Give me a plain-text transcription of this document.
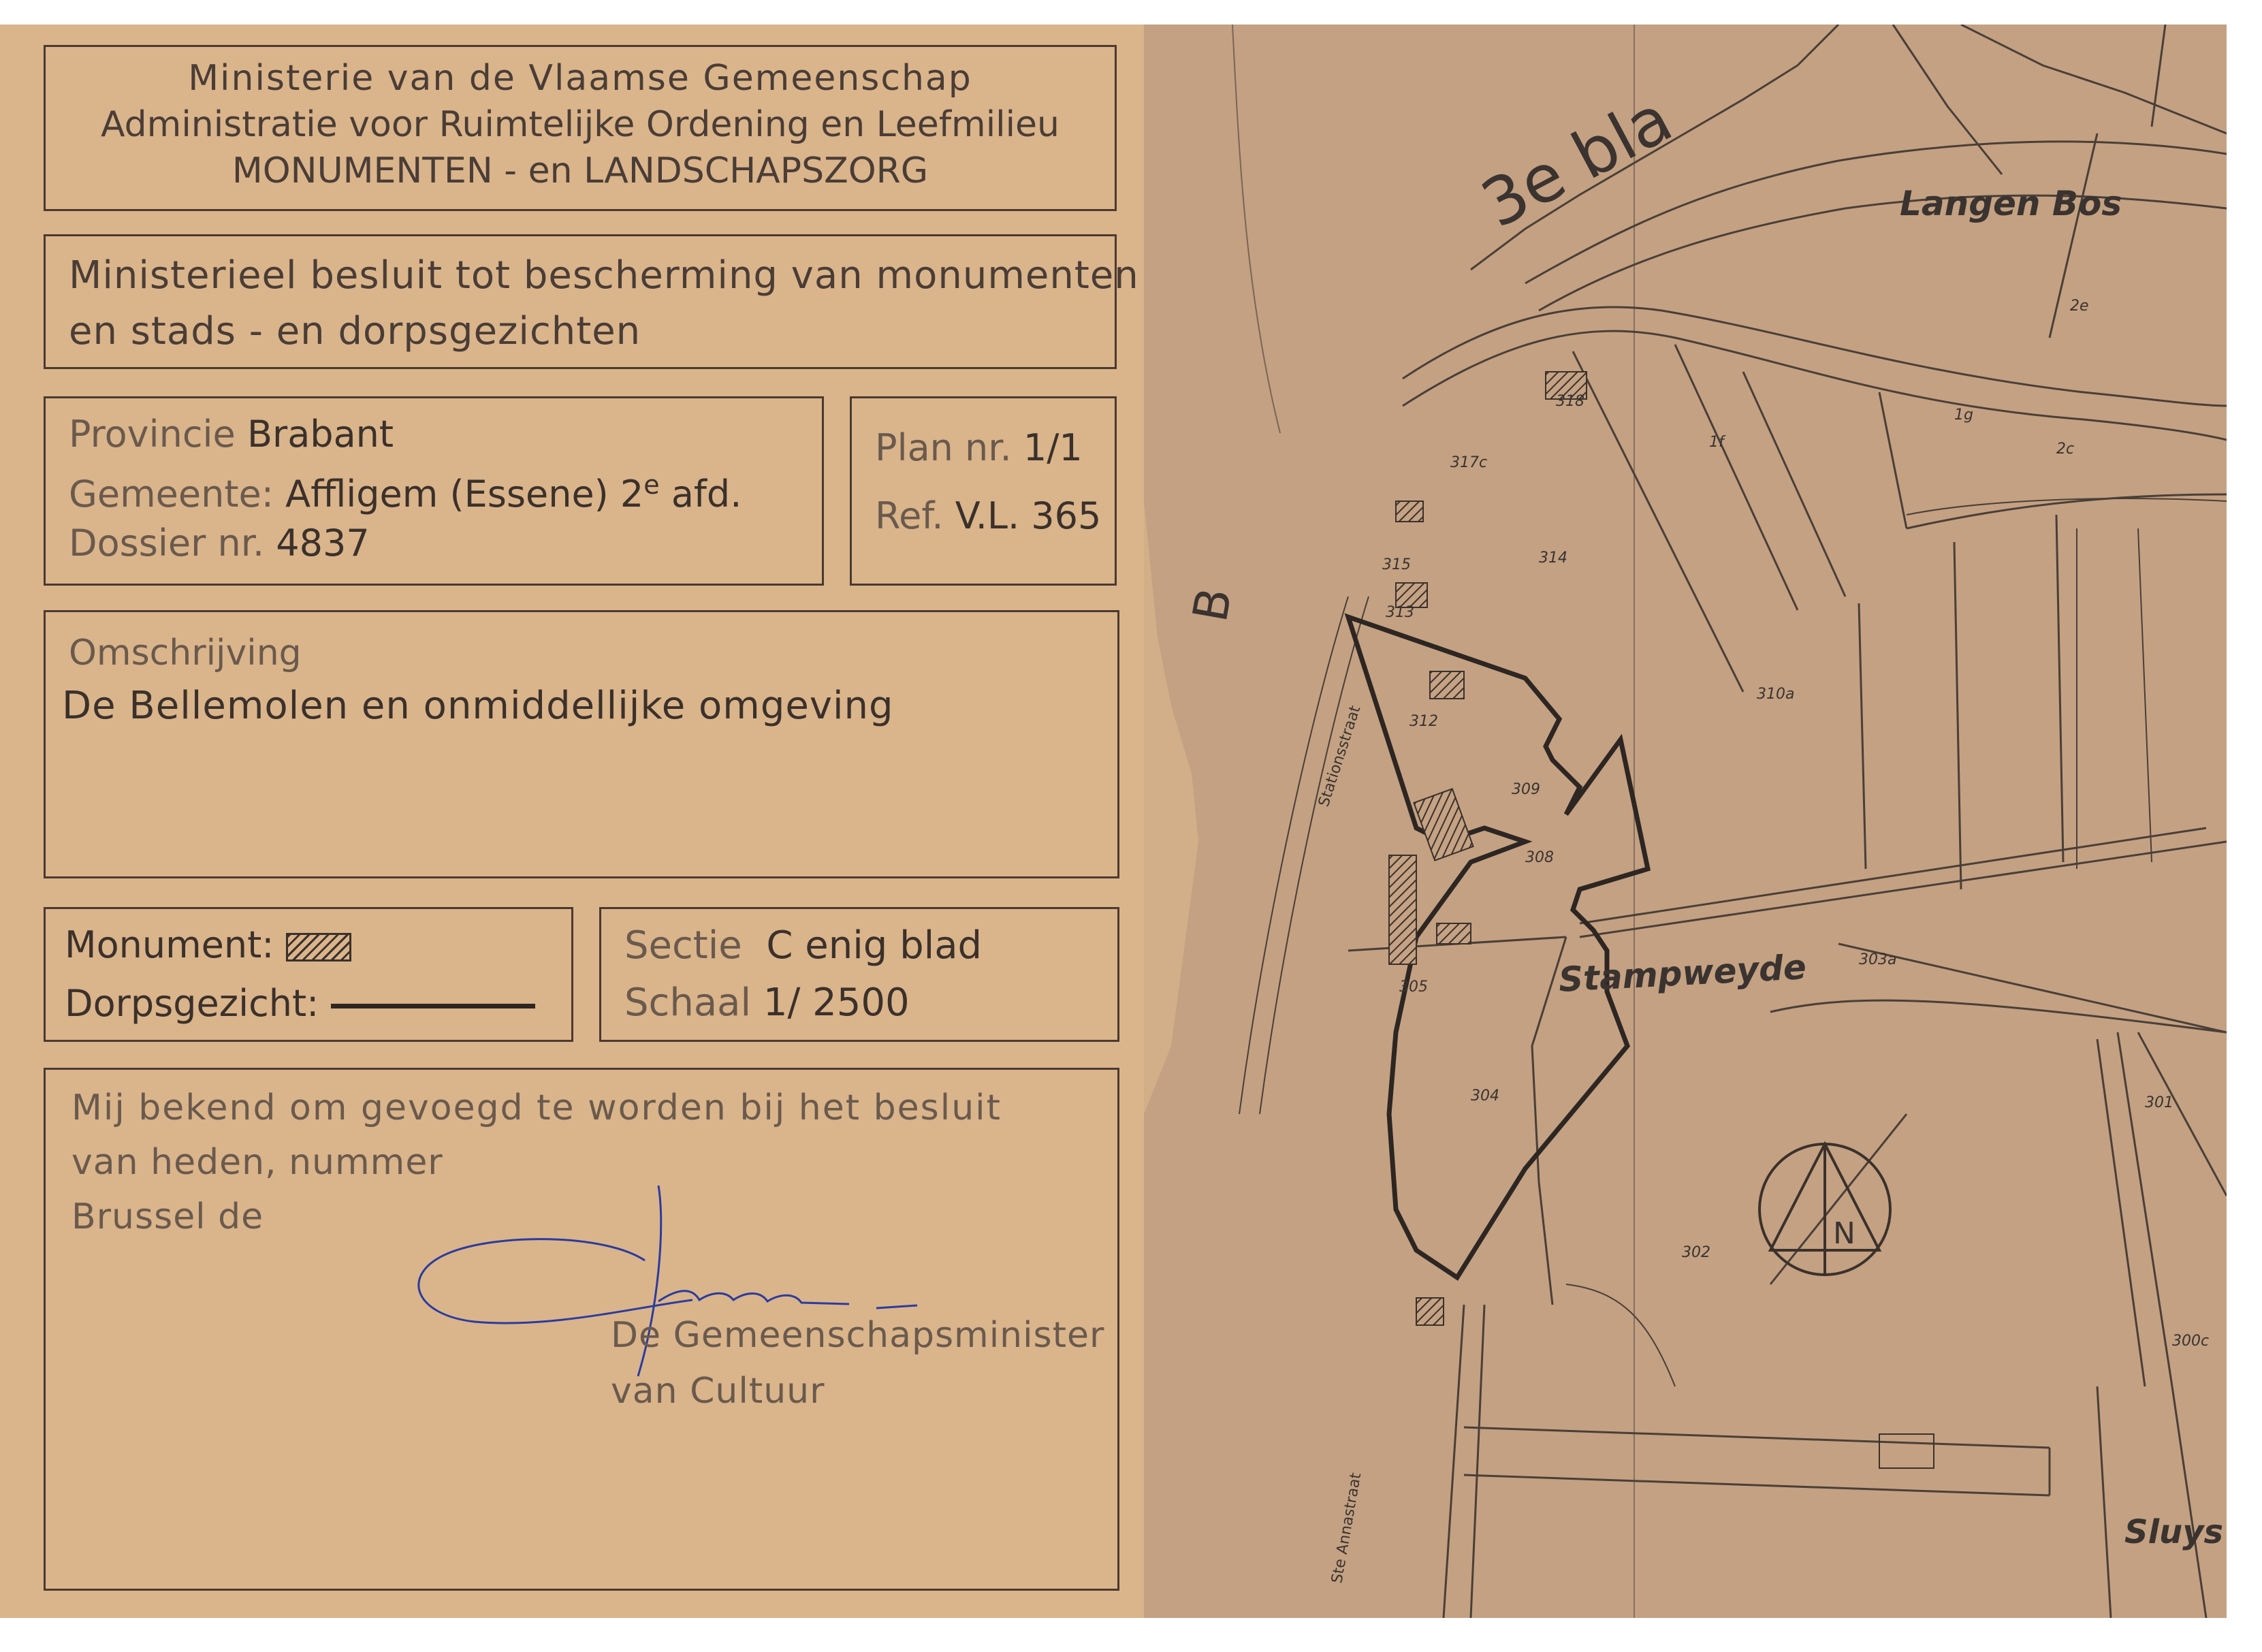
Ministerie van de Vlaamse Gemeenschap
Administratie voor Ruimtelijke Ordening en Leefmilieu
MONUMENTEN - en LANDSCHAPSZORG
Ministerieel besluit tot bescherming van monumenten
en stads - en dorpsgezichten
Provincie Brabant
Gemeente: Affligem (Essene) 2e afd.
Dossier nr. 4837
Plan nr. 1/1
Ref. V.L. 365
Omschrijving
De Bellemolen en onmiddellijke omgeving
Monument:
Dorpsgezicht:
Sectie C enig blad
Schaal 1/ 2500
Mij bekend om gevoegd te worden bij het besluit
van heden, nummer
Brussel de
De Gemeenschapsminister
van Cultuur
N
3e bla	Langen Bos
Stampweyde
Sluys
B
Stationsstraat
Ste Annastraat
318
317c
315	314
313
312
310a
309
308
305
304
303a
302
301
300c
2e
1f
1g
2c
